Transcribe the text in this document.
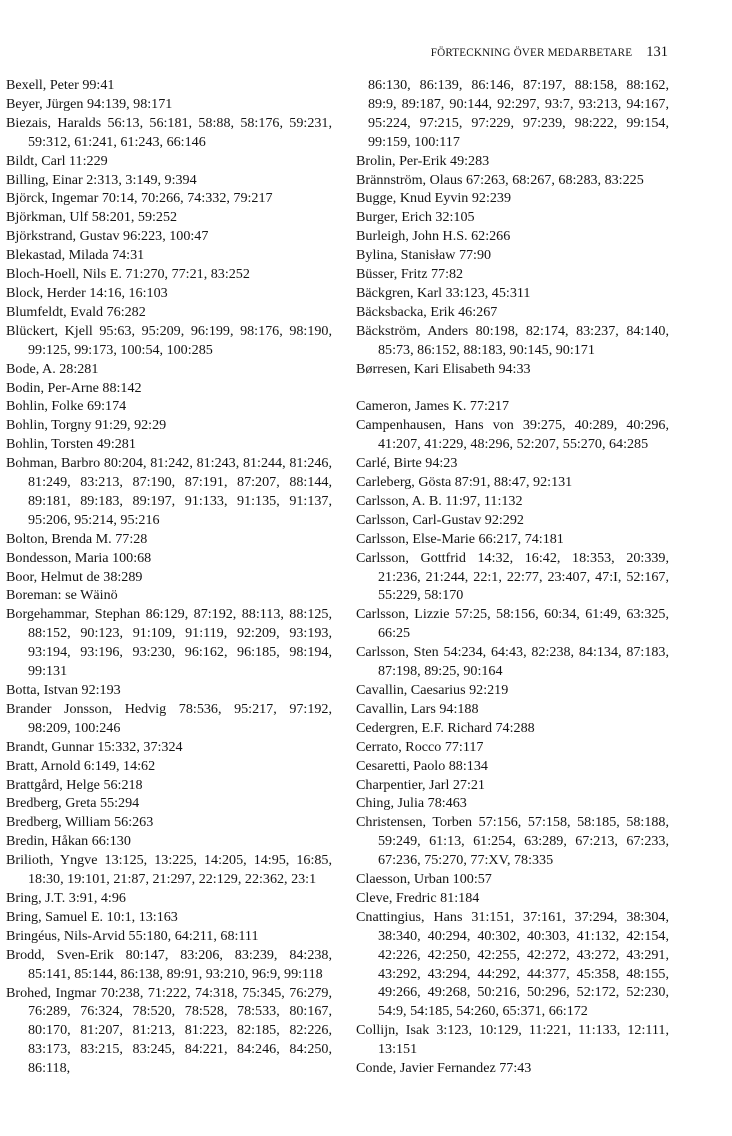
FÖRTECKNING ÖVER MEDARBETARE 131
Bexell, Peter 99:41
Beyer, Jürgen 94:139, 98:171
Biezais, Haralds 56:13, 56:181, 58:88, 58:176, 59:231, 59:312, 61:241, 61:243, 66:146
Bildt, Carl 11:229
Billing, Einar 2:313, 3:149, 9:394
Björck, Ingemar 70:14, 70:266, 74:332, 79:217
Björkman, Ulf 58:201, 59:252
Björkstrand, Gustav 96:223, 100:47
Blekastad, Milada 74:31
Bloch-Hoell, Nils E. 71:270, 77:21, 83:252
Block, Herder 14:16, 16:103
Blumfeldt, Evald 76:282
Blückert, Kjell 95:63, 95:209, 96:199, 98:176, 98:190, 99:125, 99:173, 100:54, 100:285
Bode, A. 28:281
Bodin, Per-Arne 88:142
Bohlin, Folke 69:174
Bohlin, Torgny 91:29, 92:29
Bohlin, Torsten 49:281
Bohman, Barbro 80:204, 81:242, 81:243, 81:244, 81:246, 81:249, 83:213, 87:190, 87:191, 87:207, 88:144, 89:181, 89:183, 89:197, 91:133, 91:135, 91:137, 95:206, 95:214, 95:216
Bolton, Brenda M. 77:28
Bondesson, Maria 100:68
Boor, Helmut de 38:289
Boreman: se Wäinö
Borgehammar, Stephan 86:129, 87:192, 88:113, 88:125, 88:152, 90:123, 91:109, 91:119, 92:209, 93:193, 93:194, 93:196, 93:230, 96:162, 96:185, 98:194, 99:131
Botta, Istvan 92:193
Brander Jonsson, Hedvig 78:536, 95:217, 97:192, 98:209, 100:246
Brandt, Gunnar 15:332, 37:324
Bratt, Arnold 6:149, 14:62
Brattgård, Helge 56:218
Bredberg, Greta 55:294
Bredberg, William 56:263
Bredin, Håkan 66:130
Brilioth, Yngve 13:125, 13:225, 14:205, 14:95, 16:85, 18:30, 19:101, 21:87, 21:297, 22:129, 22:362, 23:1
Bring, J.T. 3:91, 4:96
Bring, Samuel E. 10:1, 13:163
Bringéus, Nils-Arvid 55:180, 64:211, 68:111
Brodd, Sven-Erik 80:147, 83:206, 83:239, 84:238, 85:141, 85:144, 86:138, 89:91, 93:210, 96:9, 99:118
Brohed, Ingmar 70:238, 71:222, 74:318, 75:345, 76:279, 76:289, 76:324, 78:520, 78:528, 78:533, 80:167, 80:170, 81:207, 81:213, 81:223, 82:185, 82:226, 83:173, 83:215, 83:245, 84:221, 84:246, 84:250, 86:118,
86:130, 86:139, 86:146, 87:197, 88:158, 88:162, 89:9, 89:187, 90:144, 92:297, 93:7, 93:213, 94:167, 95:224, 97:215, 97:229, 97:239, 98:222, 99:154, 99:159, 100:117
Brolin, Per-Erik 49:283
Brännström, Olaus 67:263, 68:267, 68:283, 83:225
Bugge, Knud Eyvin 92:239
Burger, Erich 32:105
Burleigh, John H.S. 62:266
Bylina, Stanisław 77:90
Büsser, Fritz 77:82
Bäckgren, Karl 33:123, 45:311
Bäcksbacka, Erik 46:267
Bäckström, Anders 80:198, 82:174, 83:237, 84:140, 85:73, 86:152, 88:183, 90:145, 90:171
Børresen, Kari Elisabeth 94:33
Cameron, James K. 77:217
Campenhausen, Hans von 39:275, 40:289, 40:296, 41:207, 41:229, 48:296, 52:207, 55:270, 64:285
Carlé, Birte 94:23
Carleberg, Gösta 87:91, 88:47, 92:131
Carlsson, A. B. 11:97, 11:132
Carlsson, Carl-Gustav 92:292
Carlsson, Else-Marie 66:217, 74:181
Carlsson, Gottfrid 14:32, 16:42, 18:353, 20:339, 21:236, 21:244, 22:1, 22:77, 23:407, 47:I, 52:167, 55:229, 58:170
Carlsson, Lizzie 57:25, 58:156, 60:34, 61:49, 63:325, 66:25
Carlsson, Sten 54:234, 64:43, 82:238, 84:134, 87:183, 87:198, 89:25, 90:164
Cavallin, Caesarius 92:219
Cavallin, Lars 94:188
Cedergren, E.F. Richard 74:288
Cerrato, Rocco 77:117
Cesaretti, Paolo 88:134
Charpentier, Jarl 27:21
Ching, Julia 78:463
Christensen, Torben 57:156, 57:158, 58:185, 58:188, 59:249, 61:13, 61:254, 63:289, 67:213, 67:233, 67:236, 75:270, 77:XV, 78:335
Claesson, Urban 100:57
Cleve, Fredric 81:184
Cnattingius, Hans 31:151, 37:161, 37:294, 38:304, 38:340, 40:294, 40:302, 40:303, 41:132, 42:154, 42:226, 42:250, 42:255, 42:272, 43:272, 43:291, 43:292, 43:294, 44:292, 44:377, 45:358, 48:155, 49:266, 49:268, 50:216, 50:296, 52:172, 52:230, 54:9, 54:185, 54:260, 65:371, 66:172
Collijn, Isak 3:123, 10:129, 11:221, 11:133, 12:111, 13:151
Conde, Javier Fernandez 77:43
